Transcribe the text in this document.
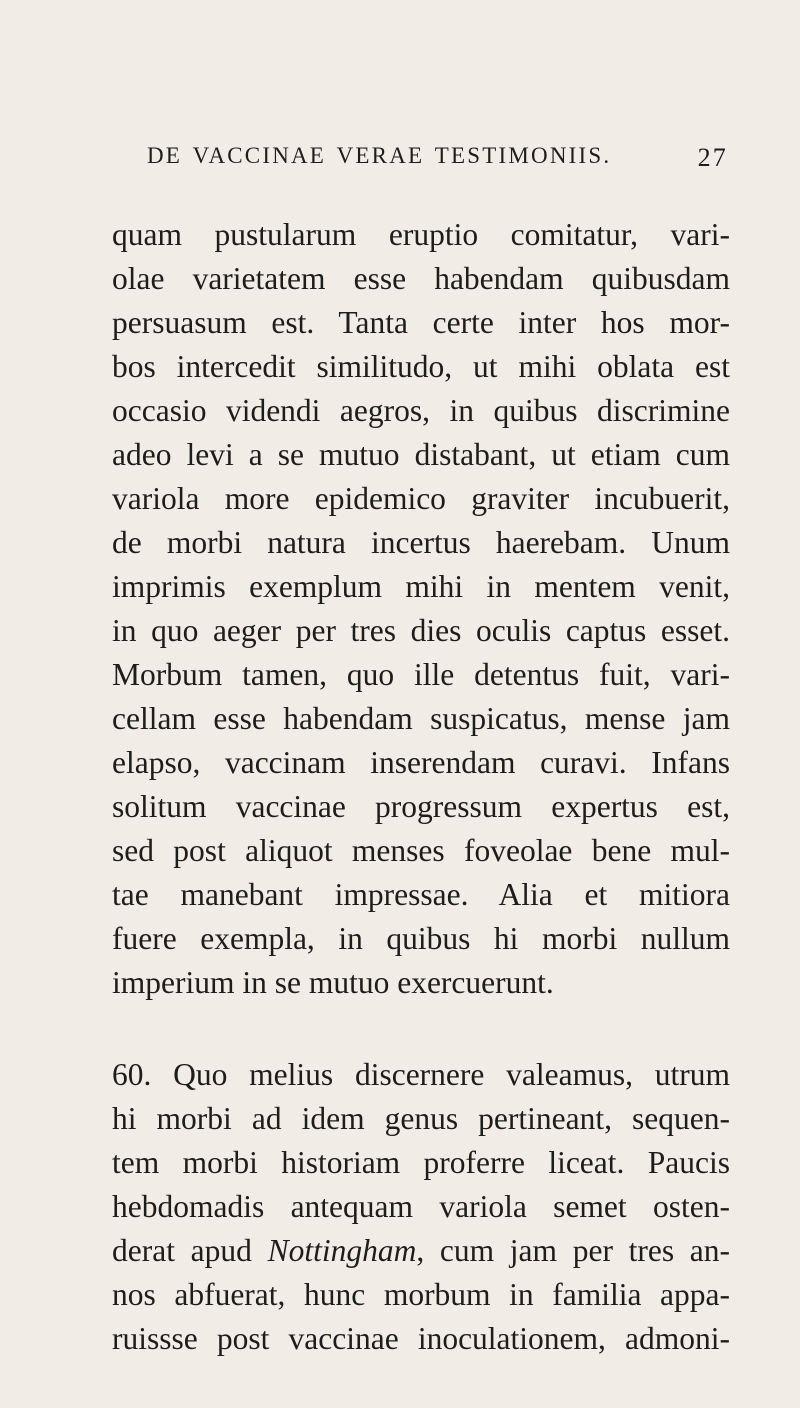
DE VACCINAE VERAE TESTIMONIIS.	27

quam pustularum eruptio comitatur, vari-
olae varietatem esse habendam quibusdam
persuasum est. Tanta certe inter hos mor-
bos intercedit similitudo, ut mihi oblata est
occasio videndi aegros, in quibus discrimine
adeo levi a se mutuo distabant, ut etiam cum
variola more epidemico graviter incubuerit,
de morbi natura incertus haerebam. Unum
imprimis exemplum mihi in mentem venit,
in quo aeger per tres dies oculis captus esset.
Morbum tamen, quo ille detentus fuit, vari-
cellam esse habendam suspicatus, mense jam
elapso, vaccinam inserendam curavi. Infans
solitum vaccinae progressum expertus est,
sed post aliquot menses foveolae bene mul-
tae manebant impressae. Alia et mitiora
fuere exempla, in quibus hi morbi nullum
imperium in se mutuo exercuerunt.

60. Quo melius discernere valeamus, utrum
hi morbi ad idem genus pertineant, sequen-
tem morbi historiam proferre liceat. Paucis
hebdomadis antequam variola semet osten-
derat apud Nottingham, cum jam per tres an-
nos abfuerat, hunc morbum in familia appa-
ruissse post vaccinae inoculationem, admoni-
